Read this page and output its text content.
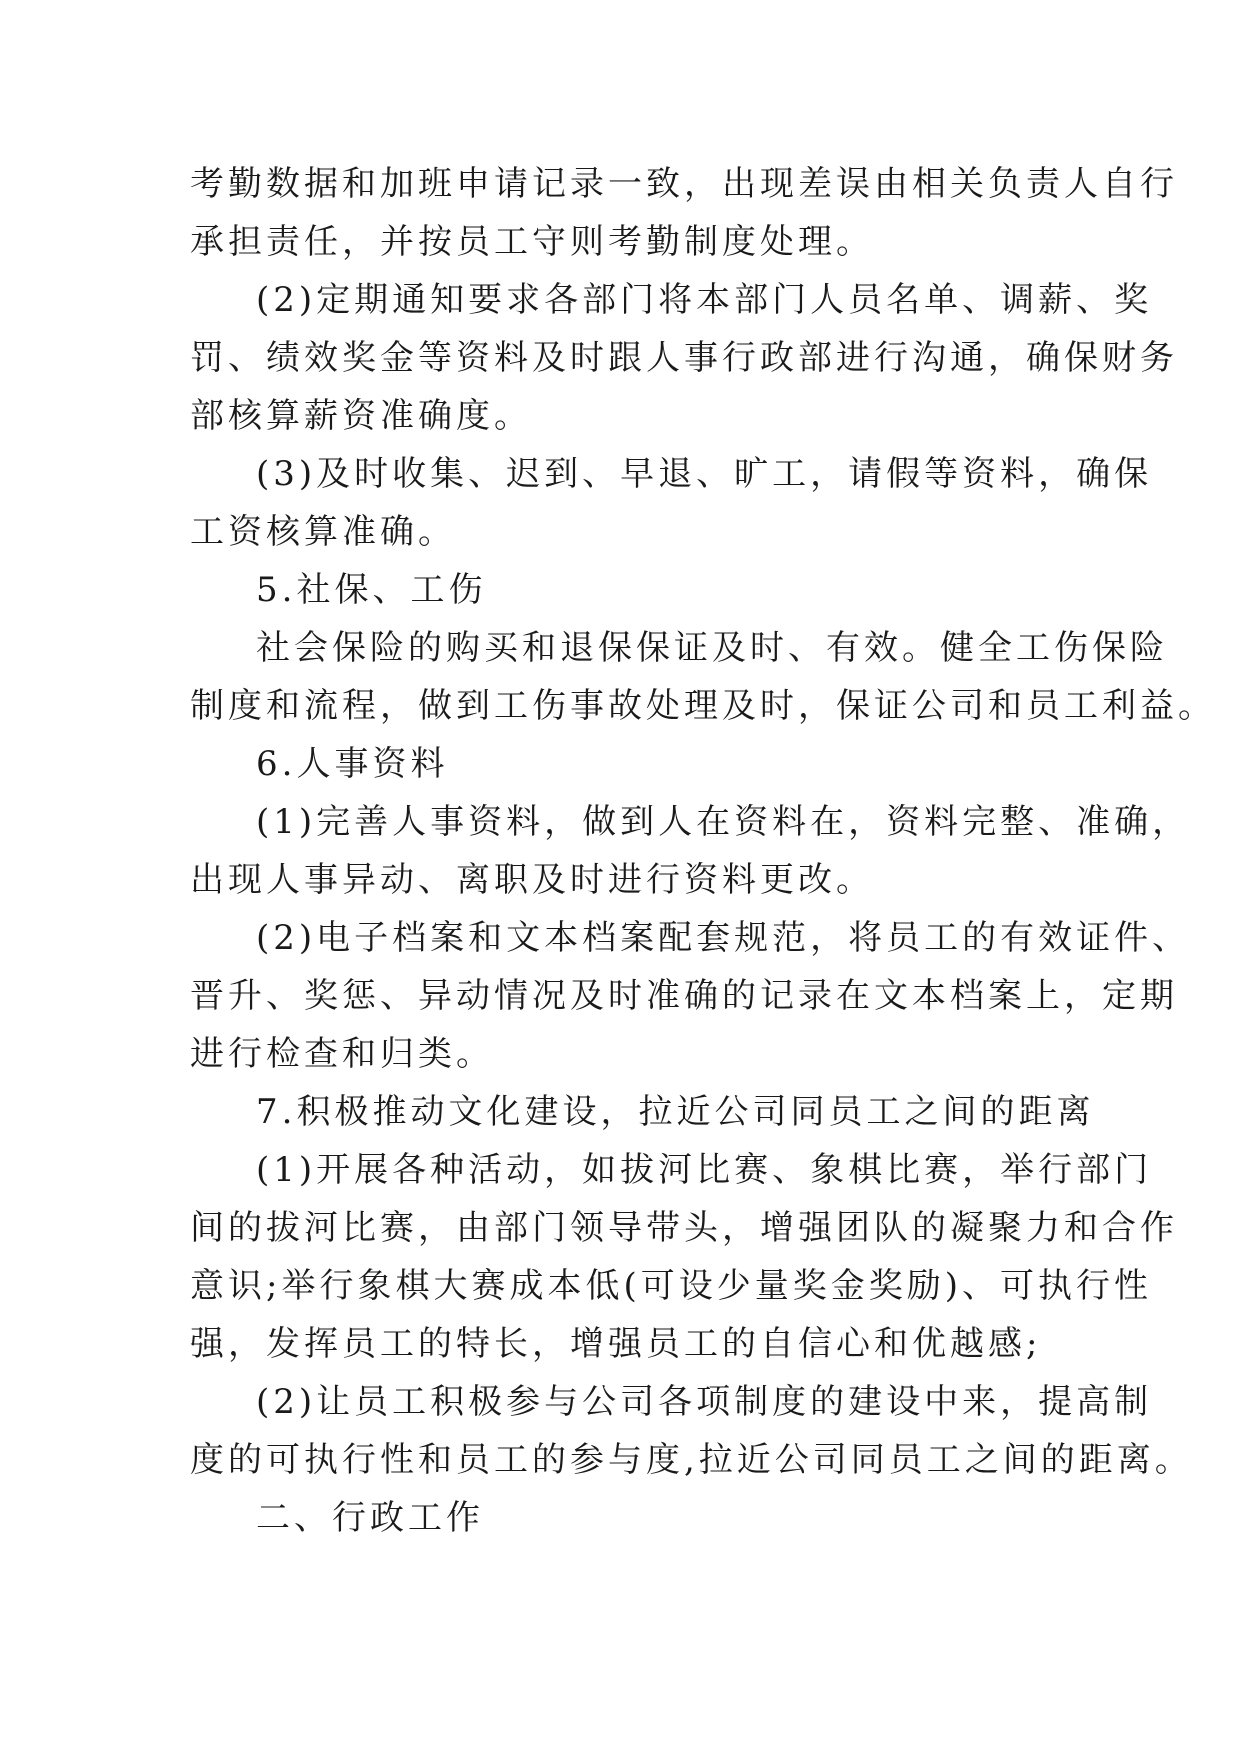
考勤数据和加班申请记录一致，出现差误由相关负责人自行

承担责任，并按员工守则考勤制度处理。

(2)定期通知要求各部门将本部门人员名单、调薪、奖

罚、绩效奖金等资料及时跟人事行政部进行沟通，确保财务

部核算薪资准确度。

(3)及时收集、迟到、早退、旷工，请假等资料，确保

工资核算准确。

5.社保、工伤

社会保险的购买和退保保证及时、有效。健全工伤保险

制度和流程，做到工伤事故处理及时，保证公司和员工利益。

6.人事资料

(1)完善人事资料，做到人在资料在，资料完整、准确，

出现人事异动、离职及时进行资料更改。

(2)电子档案和文本档案配套规范，将员工的有效证件、

晋升、奖惩、异动情况及时准确的记录在文本档案上，定期

进行检查和归类。

7.积极推动文化建设，拉近公司同员工之间的距离

(1)开展各种活动，如拔河比赛、象棋比赛，举行部门

间的拔河比赛，由部门领导带头，增强团队的凝聚力和合作

意识;举行象棋大赛成本低(可设少量奖金奖励)、可执行性

强，发挥员工的特长，增强员工的自信心和优越感;

(2)让员工积极参与公司各项制度的建设中来，提高制

度的可执行性和员工的参与度,拉近公司同员工之间的距离。

二、行政工作
